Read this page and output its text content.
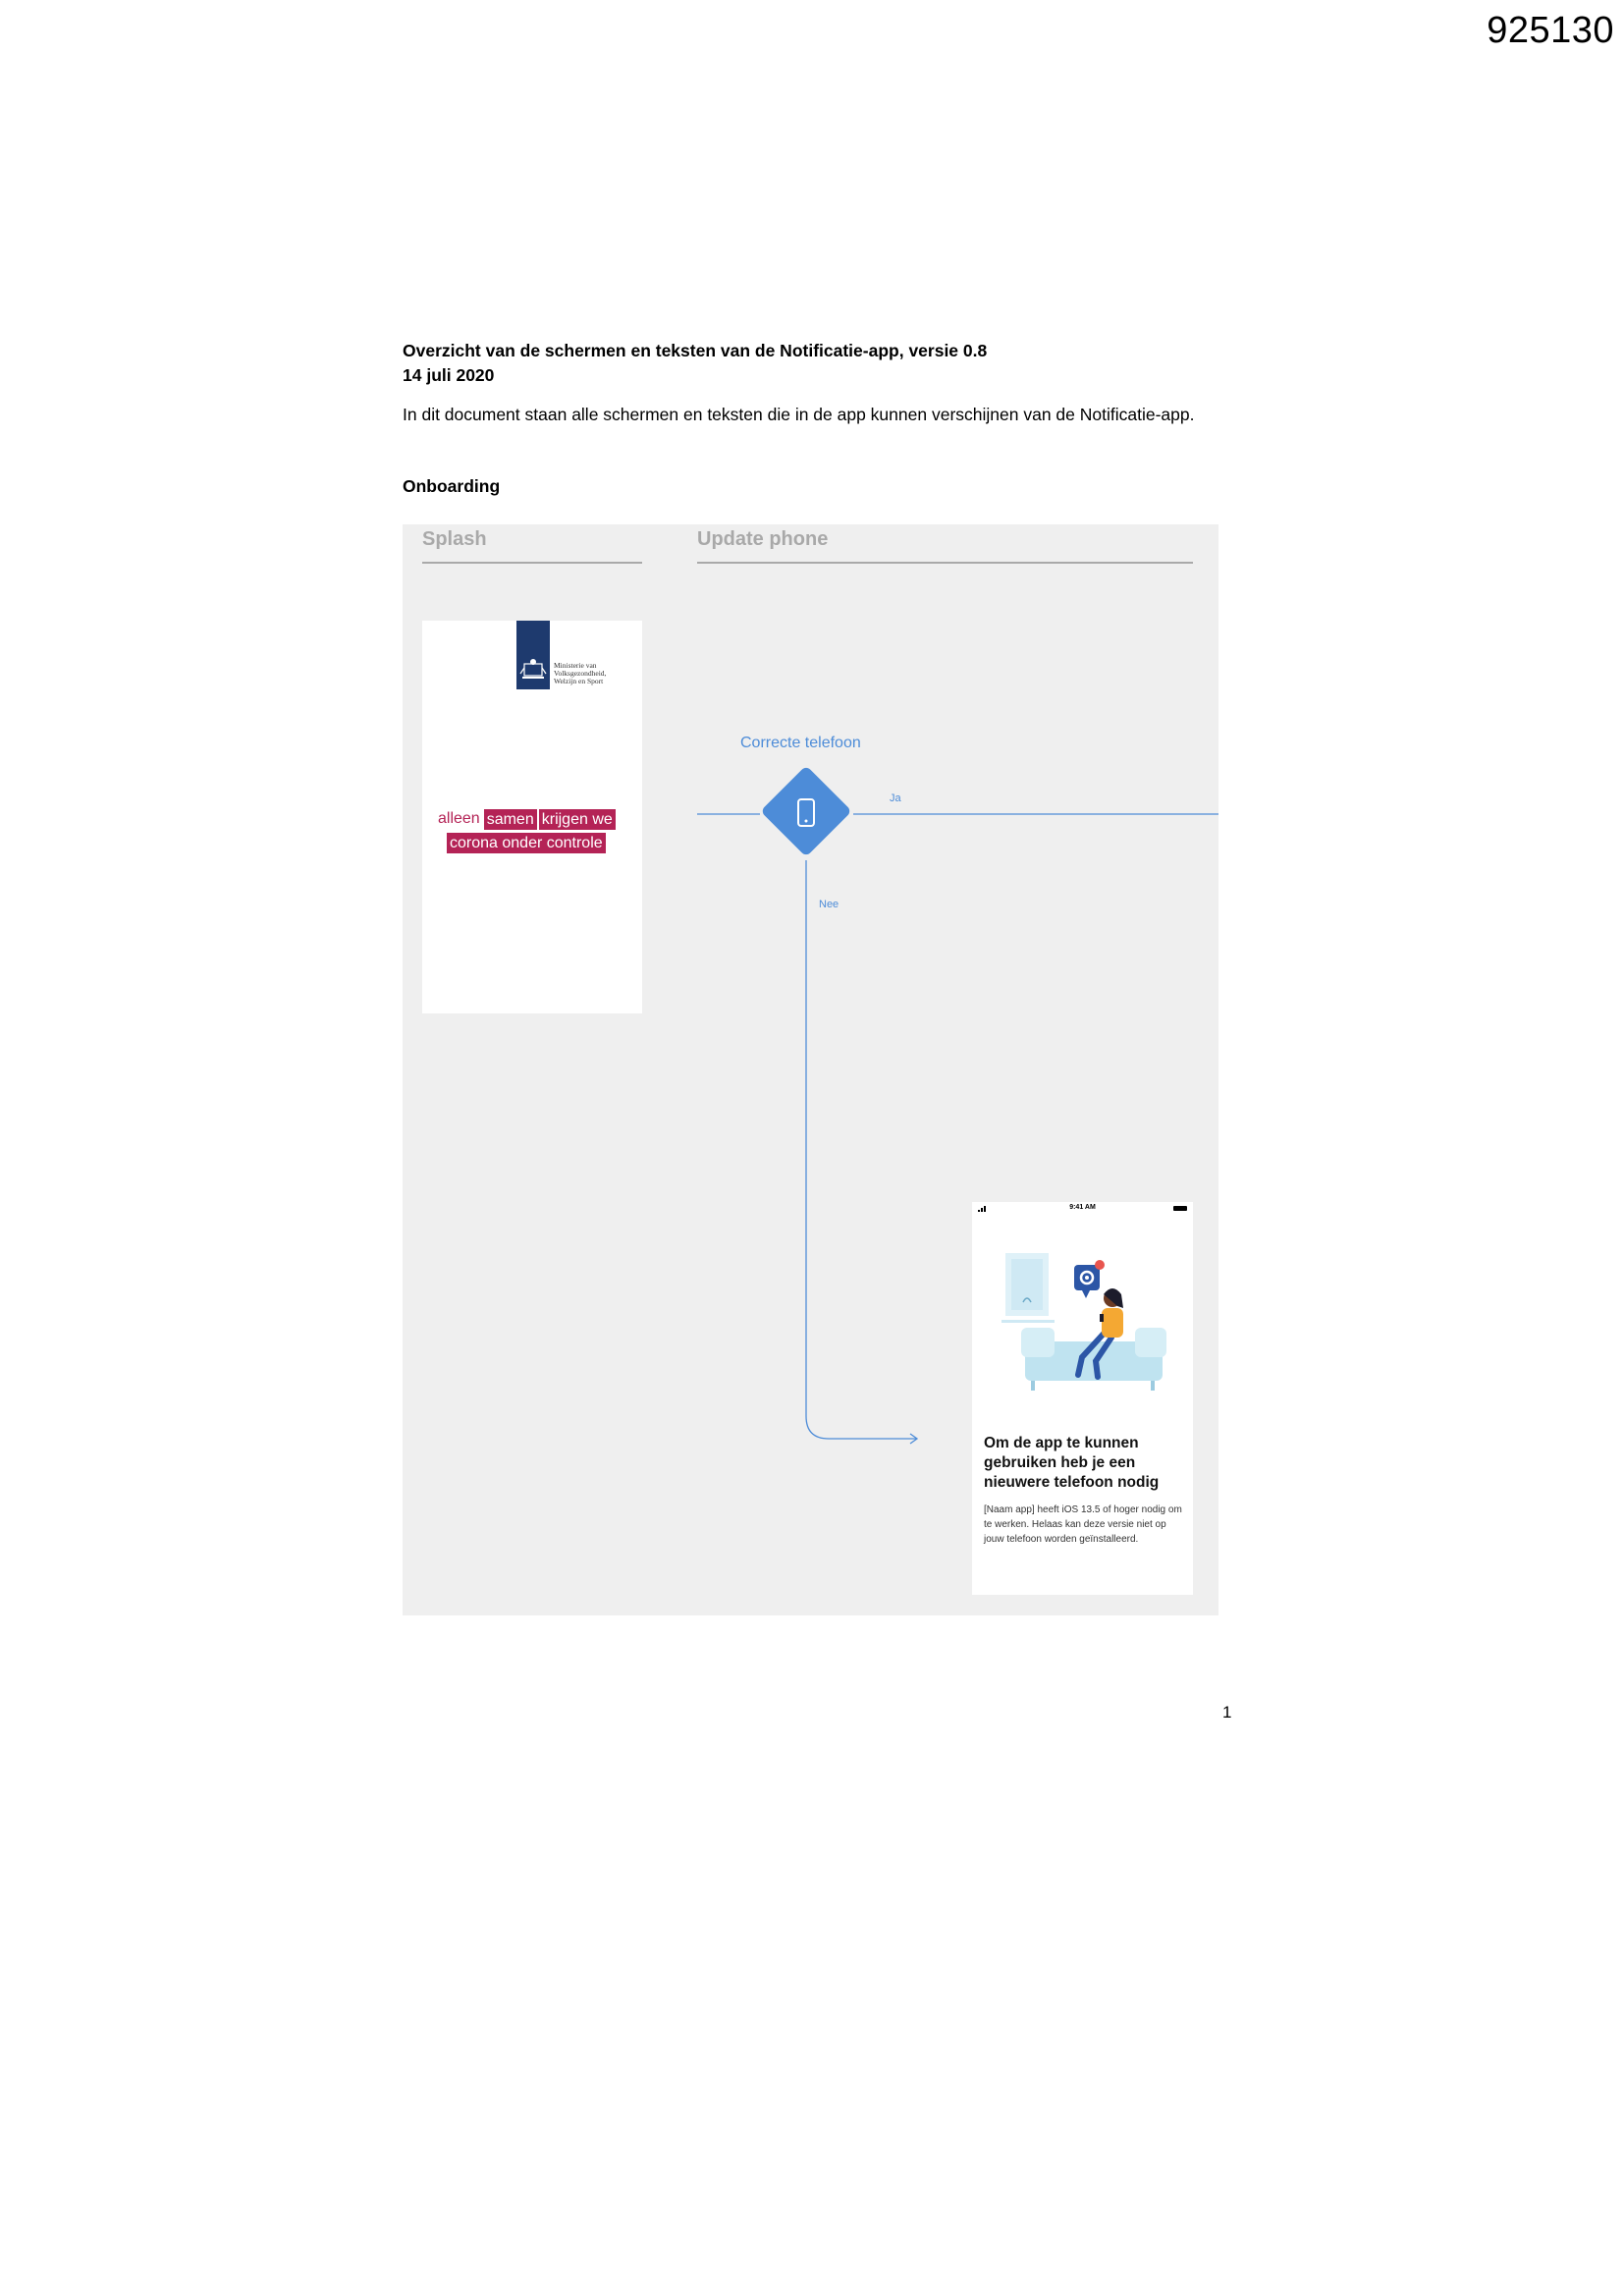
925130
Overzicht van de schermen en teksten van de Notificatie-app, versie 0.8
14 juli 2020
In dit document staan alle schermen en teksten die in de app kunnen verschijnen van de Notificatie-app.
Onboarding
Splash	Update phone
Ministerie van
Volksgezondheid,
Welzijn en Sport
alleen samen krijgen we
corona onder controle
Correcte telefoon
Ja
Nee
9:41 AM
Om de app te kunnen gebruiken heb je een nieuwere telefoon nodig
[Naam app] heeft iOS 13.5 of hoger nodig om te werken. Helaas kan deze versie niet op jouw telefoon worden geïnstalleerd.
1
